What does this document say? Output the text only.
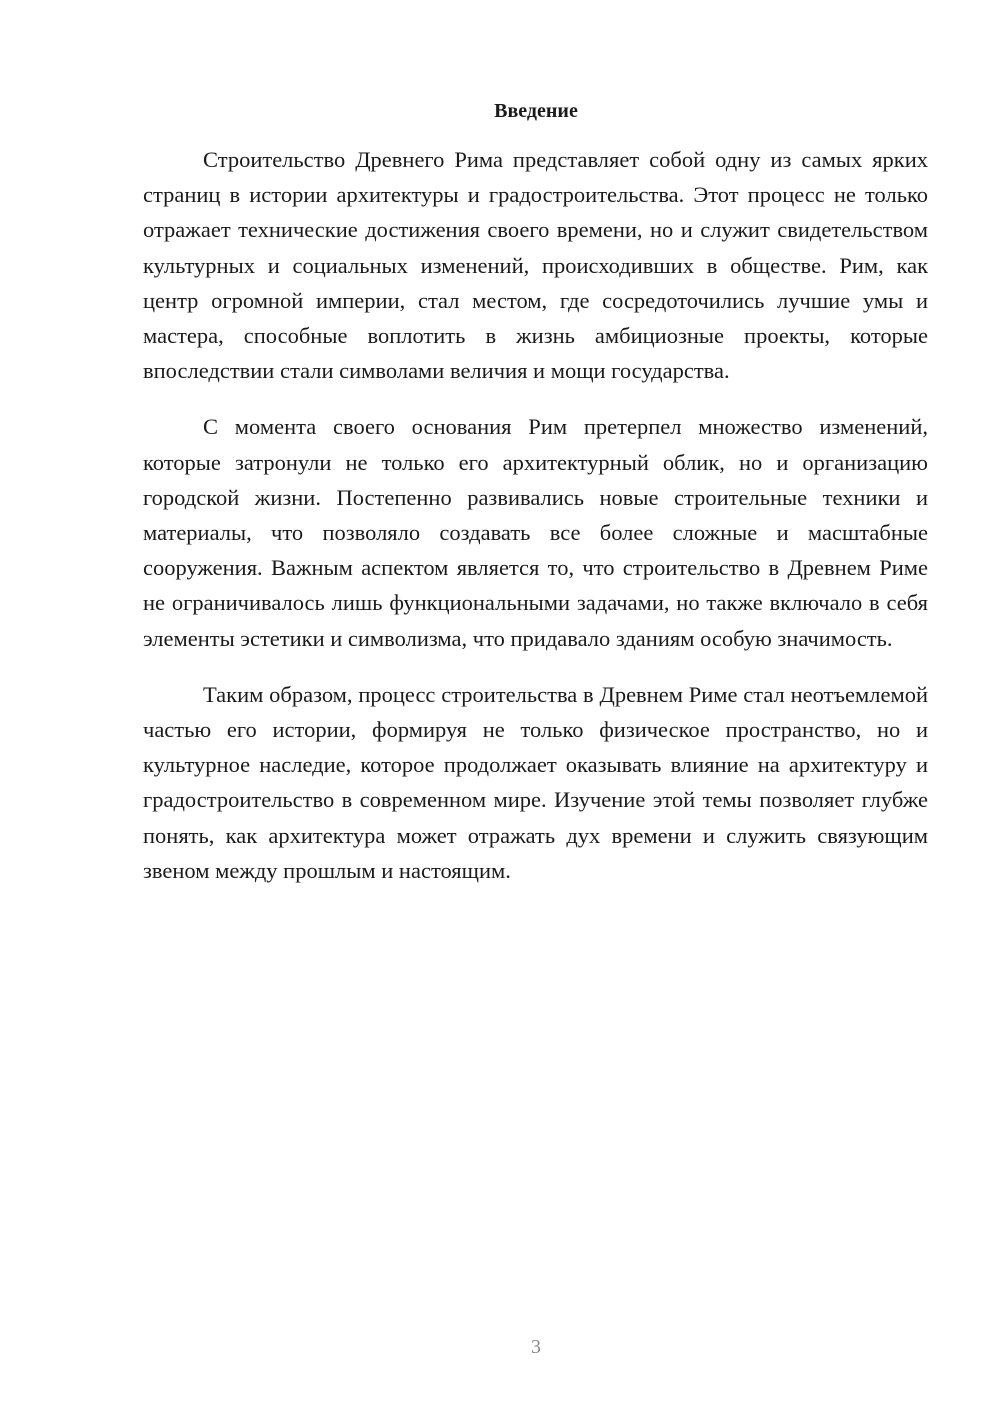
Введение

Строительство Древнего Рима представляет собой одну из самых ярких страниц в истории архитектуры и градостроительства. Этот процесс не только отражает технические достижения своего времени, но и служит свидетельством культурных и социальных изменений, происходивших в обществе. Рим, как центр огромной империи, стал местом, где сосредоточились лучшие умы и мастера, способные воплотить в жизнь амбициозные проекты, которые впоследствии стали символами величия и мощи государства.

С момента своего основания Рим претерпел множество изменений, которые затронули не только его архитектурный облик, но и организацию городской жизни. Постепенно развивались новые строительные техники и материалы, что позволяло создавать все более сложные и масштабные сооружения. Важным аспектом является то, что строительство в Древнем Риме не ограничивалось лишь функциональными задачами, но также включало в себя элементы эстетики и символизма, что придавало зданиям особую значимость.

Таким образом, процесс строительства в Древнем Риме стал неотъемлемой частью его истории, формируя не только физическое пространство, но и культурное наследие, которое продолжает оказывать влияние на архитектуру и градостроительство в современном мире. Изучение этой темы позволяет глубже понять, как архитектура может отражать дух времени и служить связующим звеном между прошлым и настоящим.

3
